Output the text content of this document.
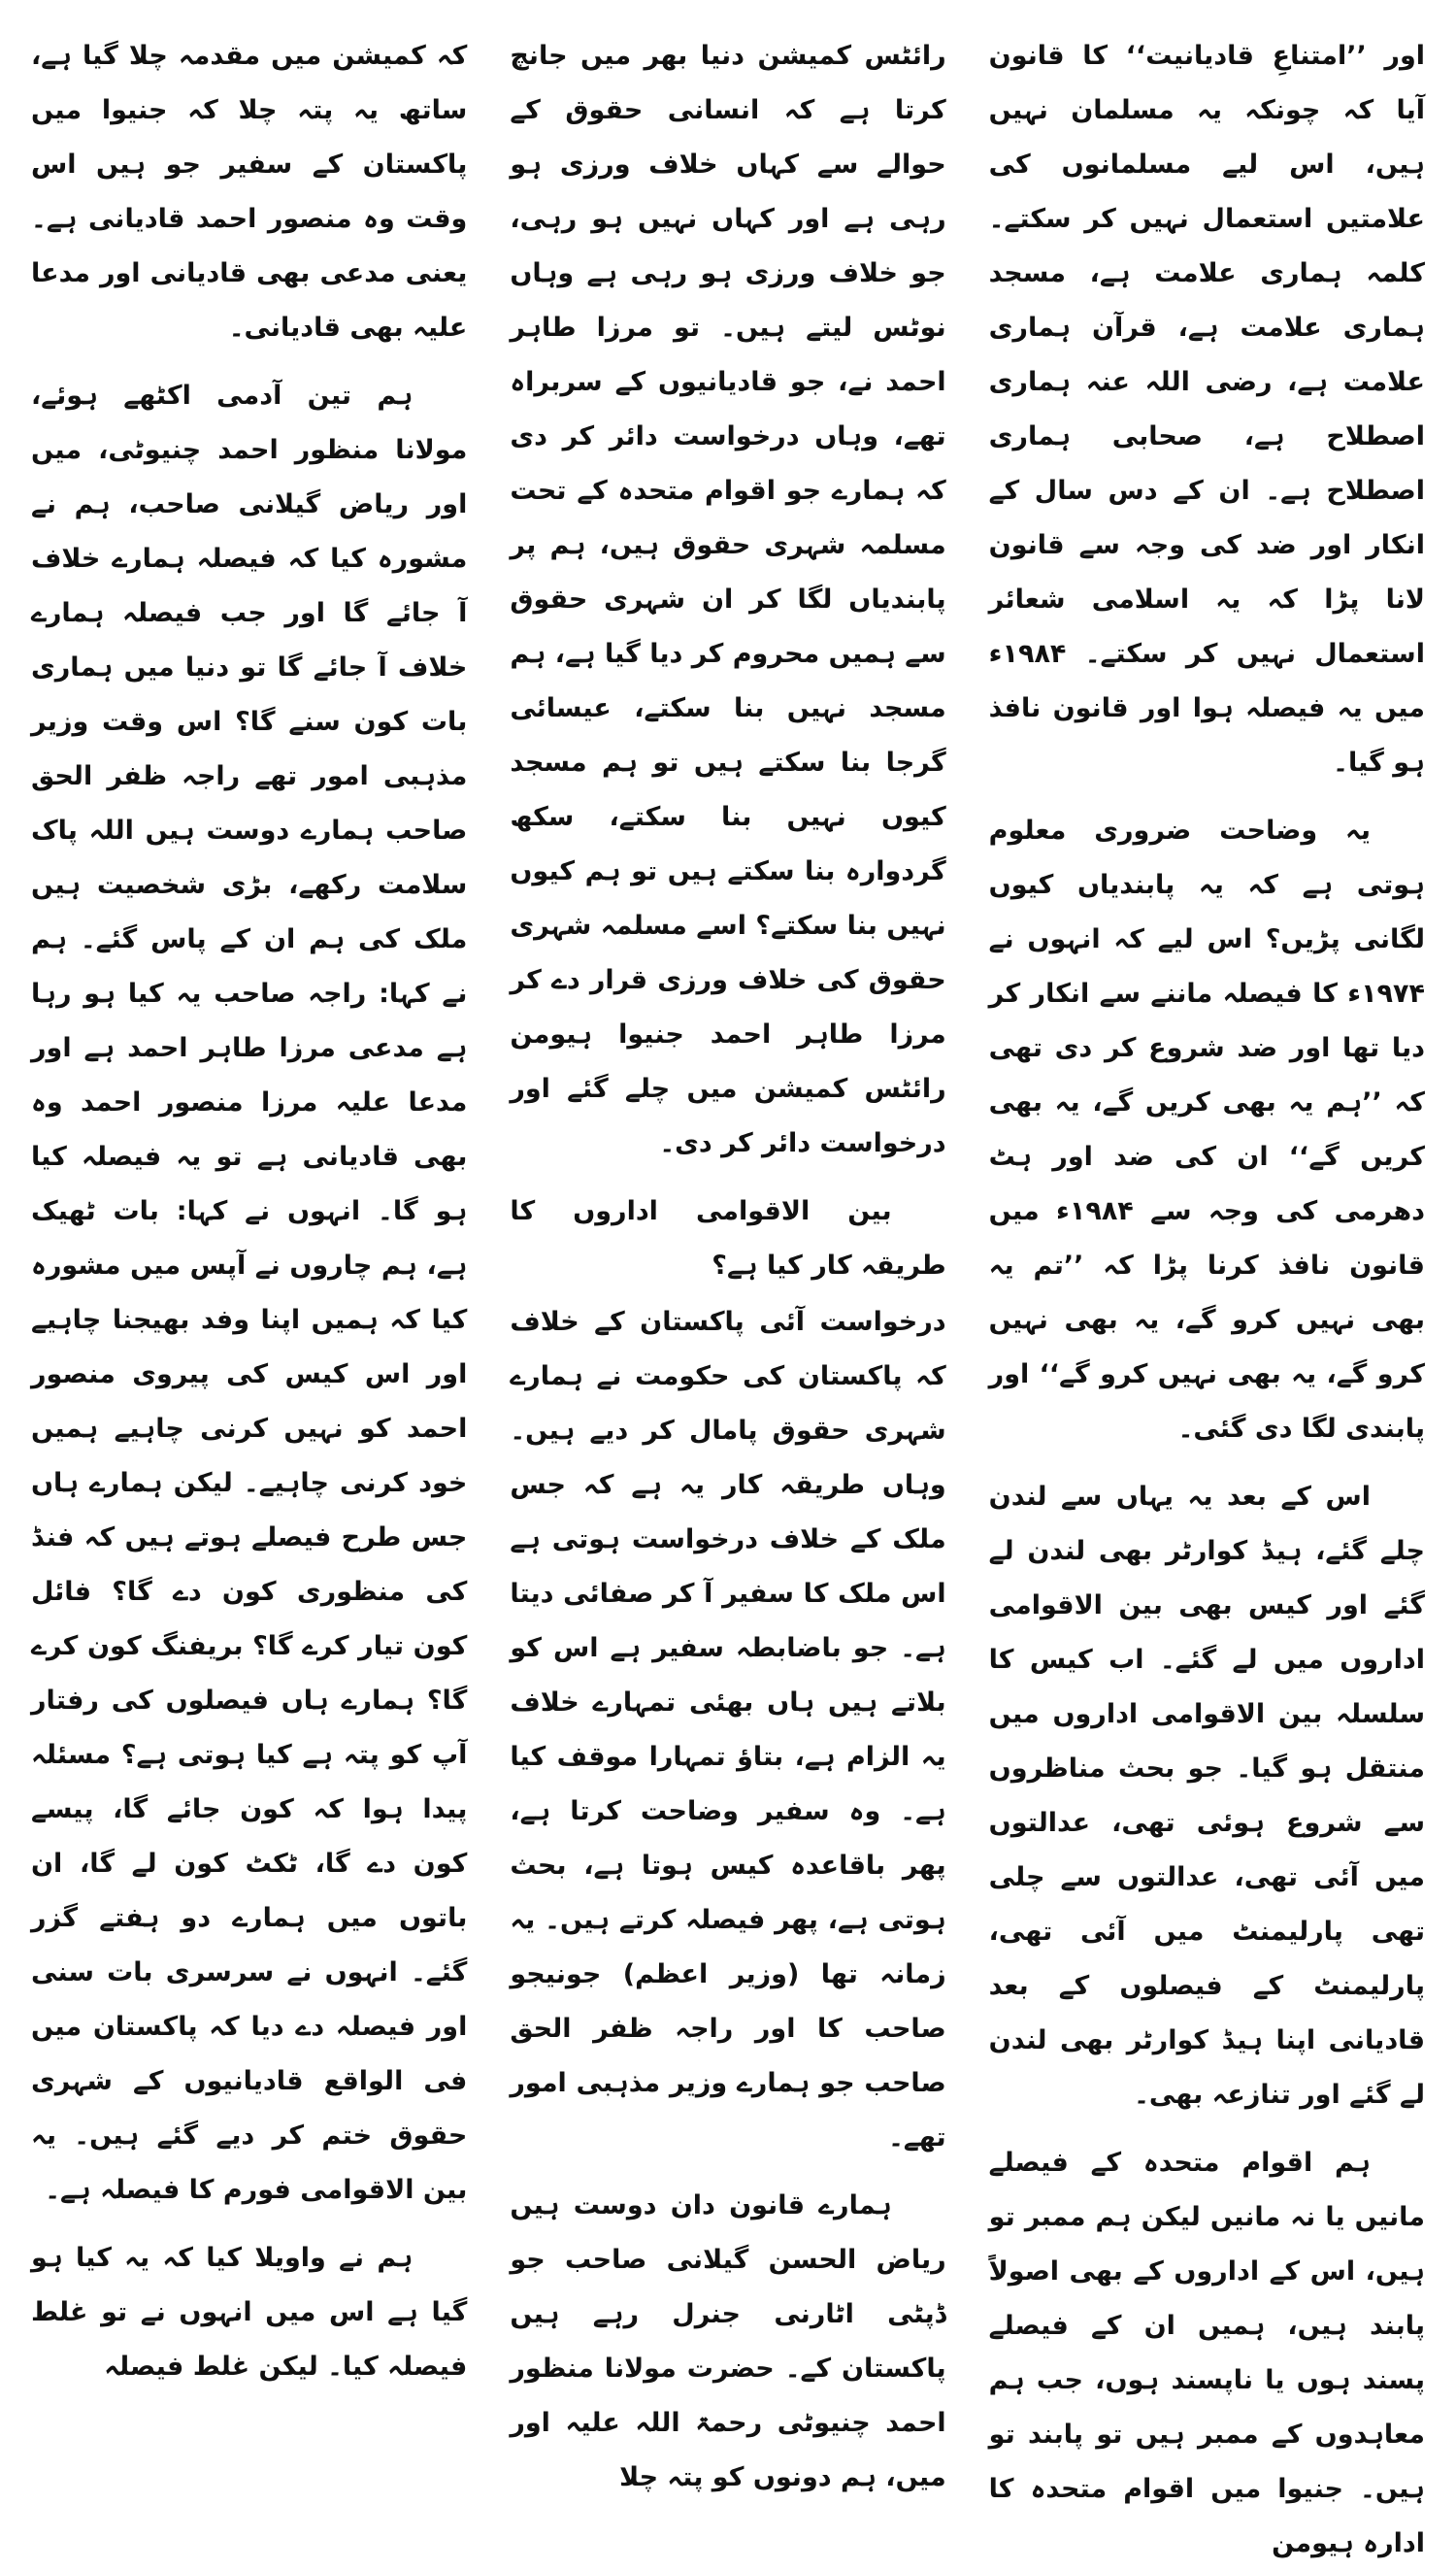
اور ’’امتناعِ قادیانیت‘‘ کا قانون آیا کہ چونکہ یہ مسلمان نہیں ہیں، اس لیے مسلمانوں کی علامتیں استعمال نہیں کر سکتے۔ کلمہ ہماری علامت ہے، مسجد ہماری علامت ہے، قرآن ہماری علامت ہے، رضی اللہ عنہ ہماری اصطلاح ہے، صحابی ہماری اصطلاح ہے۔ ان کے دس سال کے انکار اور ضد کی وجہ سے قانون لانا پڑا کہ یہ اسلامی شعائر استعمال نہیں کر سکتے۔ ۱۹۸۴ء میں یہ فیصلہ ہوا اور قانون نافذ ہو گیا۔

یہ وضاحت ضروری معلوم ہوتی ہے کہ یہ پابندیاں کیوں لگانی پڑیں؟ اس لیے کہ انہوں نے ۱۹۷۴ء کا فیصلہ ماننے سے انکار کر دیا تھا اور ضد شروع کر دی تھی کہ ’’ہم یہ بھی کریں گے، یہ بھی کریں گے‘‘ ان کی ضد اور ہٹ دھرمی کی وجہ سے ۱۹۸۴ء میں قانون نافذ کرنا پڑا کہ ’’تم یہ بھی نہیں کرو گے، یہ بھی نہیں کرو گے، یہ بھی نہیں کرو گے‘‘ اور پابندی لگا دی گئی۔

اس کے بعد یہ یہاں سے لندن چلے گئے، ہیڈ کوارٹر بھی لندن لے گئے اور کیس بھی بین الاقوامی اداروں میں لے گئے۔ اب کیس کا سلسلہ بین الاقوامی اداروں میں منتقل ہو گیا۔ جو بحث مناظروں سے شروع ہوئی تھی، عدالتوں میں آئی تھی، عدالتوں سے چلی تھی پارلیمنٹ میں آئی تھی، پارلیمنٹ کے فیصلوں کے بعد قادیانی اپنا ہیڈ کوارٹر بھی لندن لے گئے اور تنازعہ بھی۔

ہم اقوام متحدہ کے فیصلے مانیں یا نہ مانیں لیکن ہم ممبر تو ہیں، اس کے اداروں کے بھی اصولاً پابند ہیں، ہمیں ان کے فیصلے پسند ہوں یا ناپسند ہوں، جب ہم معاہدوں کے ممبر ہیں تو پابند تو ہیں۔ جنیوا میں اقوام متحدہ کا ادارہ ہیومن

رائٹس کمیشن دنیا بھر میں جانچ کرتا ہے کہ انسانی حقوق کے حوالے سے کہاں خلاف ورزی ہو رہی ہے اور کہاں نہیں ہو رہی، جو خلاف ورزی ہو رہی ہے وہاں نوٹس لیتے ہیں۔ تو مرزا طاہر احمد نے، جو قادیانیوں کے سربراہ تھے، وہاں درخواست دائر کر دی کہ ہمارے جو اقوام متحدہ کے تحت مسلمہ شہری حقوق ہیں، ہم پر پابندیاں لگا کر ان شہری حقوق سے ہمیں محروم کر دیا گیا ہے، ہم مسجد نہیں بنا سکتے، عیسائی گرجا بنا سکتے ہیں تو ہم مسجد کیوں نہیں بنا سکتے، سکھ گردوارہ بنا سکتے ہیں تو ہم کیوں نہیں بنا سکتے؟ اسے مسلمہ شہری حقوق کی خلاف ورزی قرار دے کر مرزا طاہر احمد جنیوا ہیومن رائٹس کمیشن میں چلے گئے اور درخواست دائر کر دی۔

بین الاقوامی اداروں کا طریقہ کار کیا ہے؟

درخواست آئی پاکستان کے خلاف کہ پاکستان کی حکومت نے ہمارے شہری حقوق پامال کر دیے ہیں۔ وہاں طریقہ کار یہ ہے کہ جس ملک کے خلاف درخواست ہوتی ہے اس ملک کا سفیر آ کر صفائی دیتا ہے۔ جو باضابطہ سفیر ہے اس کو بلاتے ہیں ہاں بھئی تمہارے خلاف یہ الزام ہے، بتاؤ تمہارا موقف کیا ہے۔ وہ سفیر وضاحت کرتا ہے، پھر باقاعدہ کیس ہوتا ہے، بحث ہوتی ہے، پھر فیصلہ کرتے ہیں۔ یہ زمانہ تھا (وزیر اعظم) جونیجو صاحب کا اور راجہ ظفر الحق صاحب جو ہمارے وزیر مذہبی امور تھے۔

ہمارے قانون دان دوست ہیں ریاض الحسن گیلانی صاحب جو ڈپٹی اٹارنی جنرل رہے ہیں پاکستان کے۔ حضرت مولانا منظور احمد چنیوٹی رحمۃ اللہ علیہ اور میں، ہم دونوں کو پتہ چلا

کہ کمیشن میں مقدمہ چلا گیا ہے، ساتھ یہ پتہ چلا کہ جنیوا میں پاکستان کے سفیر جو ہیں اس وقت وہ منصور احمد قادیانی ہے۔ یعنی مدعی بھی قادیانی اور مدعا علیہ بھی قادیانی۔

ہم تین آدمی اکٹھے ہوئے، مولانا منظور احمد چنیوٹی، میں اور ریاض گیلانی صاحب، ہم نے مشورہ کیا کہ فیصلہ ہمارے خلاف آ جائے گا اور جب فیصلہ ہمارے خلاف آ جائے گا تو دنیا میں ہماری بات کون سنے گا؟ اس وقت وزیر مذہبی امور تھے راجہ ظفر الحق صاحب ہمارے دوست ہیں اللہ پاک سلامت رکھے، بڑی شخصیت ہیں ملک کی ہم ان کے پاس گئے۔ ہم نے کہا: راجہ صاحب یہ کیا ہو رہا ہے مدعی مرزا طاہر احمد ہے اور مدعا علیہ مرزا منصور احمد وہ بھی قادیانی ہے تو یہ فیصلہ کیا ہو گا۔ انہوں نے کہا: بات ٹھیک ہے، ہم چاروں نے آپس میں مشورہ کیا کہ ہمیں اپنا وفد بھیجنا چاہیے اور اس کیس کی پیروی منصور احمد کو نہیں کرنی چاہیے ہمیں خود کرنی چاہیے۔ لیکن ہمارے ہاں جس طرح فیصلے ہوتے ہیں کہ فنڈ کی منظوری کون دے گا؟ فائل کون تیار کرے گا؟ بریفنگ کون کرے گا؟ ہمارے ہاں فیصلوں کی رفتار آپ کو پتہ ہے کیا ہوتی ہے؟ مسئلہ پیدا ہوا کہ کون جائے گا، پیسے کون دے گا، ٹکٹ کون لے گا، ان باتوں میں ہمارے دو ہفتے گزر گئے۔ انہوں نے سرسری بات سنی اور فیصلہ دے دیا کہ پاکستان میں فی الواقع قادیانیوں کے شہری حقوق ختم کر دیے گئے ہیں۔ یہ بین الاقوامی فورم کا فیصلہ ہے۔

ہم نے واویلا کیا کہ یہ کیا ہو گیا ہے اس میں انہوں نے تو غلط فیصلہ کیا۔ لیکن غلط فیصلہ
